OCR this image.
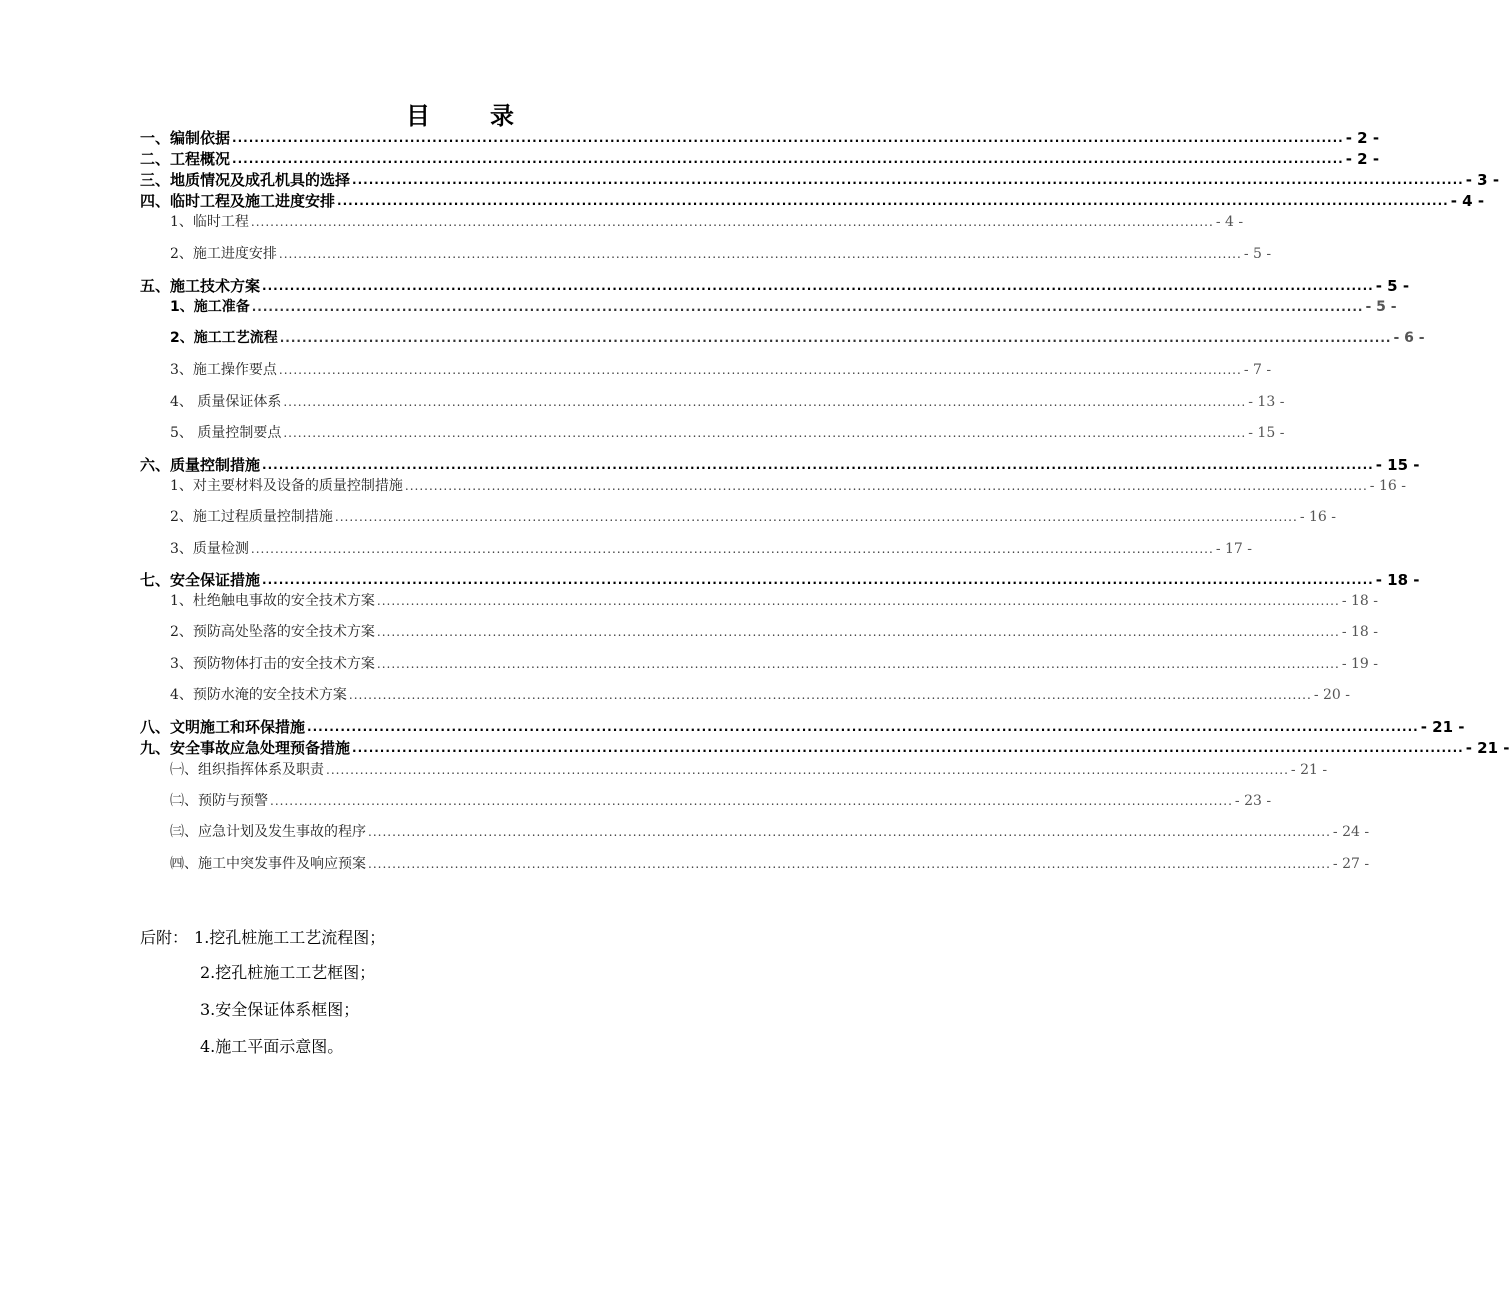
目	录
一、编制依据 ........................................................................................................................................................................................................ - 2 -
二、工程概况 ........................................................................................................................................................................................................ - 2 -
三、地质情况及成孔机具的选择 ........................................................................................................................................................................................................ - 3 -
四、临时工程及施工进度安排 ........................................................................................................................................................................................................ - 4 -
1、临时工程 ........................................................................................................................................................................................................ - 4 -
2、施工进度安排 ........................................................................................................................................................................................................ - 5 -
五、施工技术方案 ........................................................................................................................................................................................................ - 5 -
1、施工准备 ........................................................................................................................................................................................................ - 5 -
2、施工工艺流程 ........................................................................................................................................................................................................ - 6 -
3、施工操作要点 ........................................................................................................................................................................................................ - 7 -
4、 质量保证体系 ........................................................................................................................................................................................................ - 13 -
5、 质量控制要点 ........................................................................................................................................................................................................ - 15 -
六、质量控制措施 ........................................................................................................................................................................................................ - 15 -
1、对主要材料及设备的质量控制措施 ........................................................................................................................................................................................................ - 16 -
2、施工过程质量控制措施 ........................................................................................................................................................................................................ - 16 -
3、质量检测 ........................................................................................................................................................................................................ - 17 -
七、安全保证措施 ........................................................................................................................................................................................................ - 18 -
1、杜绝触电事故的安全技术方案 ........................................................................................................................................................................................................ - 18 -
2、预防高处坠落的安全技术方案 ........................................................................................................................................................................................................ - 18 -
3、预防物体打击的安全技术方案 ........................................................................................................................................................................................................ - 19 -
4、预防水淹的安全技术方案 ........................................................................................................................................................................................................ - 20 -
八、文明施工和环保措施 ........................................................................................................................................................................................................ - 21 -
九、安全事故应急处理预备措施 ........................................................................................................................................................................................................ - 21 -
㈠、组织指挥体系及职责 ........................................................................................................................................................................................................ - 21 -
㈡、预防与预警 ........................................................................................................................................................................................................ - 23 -
㈢、应急计划及发生事故的程序 ........................................................................................................................................................................................................ - 24 -
㈣、施工中突发事件及响应预案 ........................................................................................................................................................................................................ - 27 -
后附： 1.挖孔桩施工工艺流程图；
2.挖孔桩施工工艺框图；
3.安全保证体系框图；
4.施工平面示意图。
